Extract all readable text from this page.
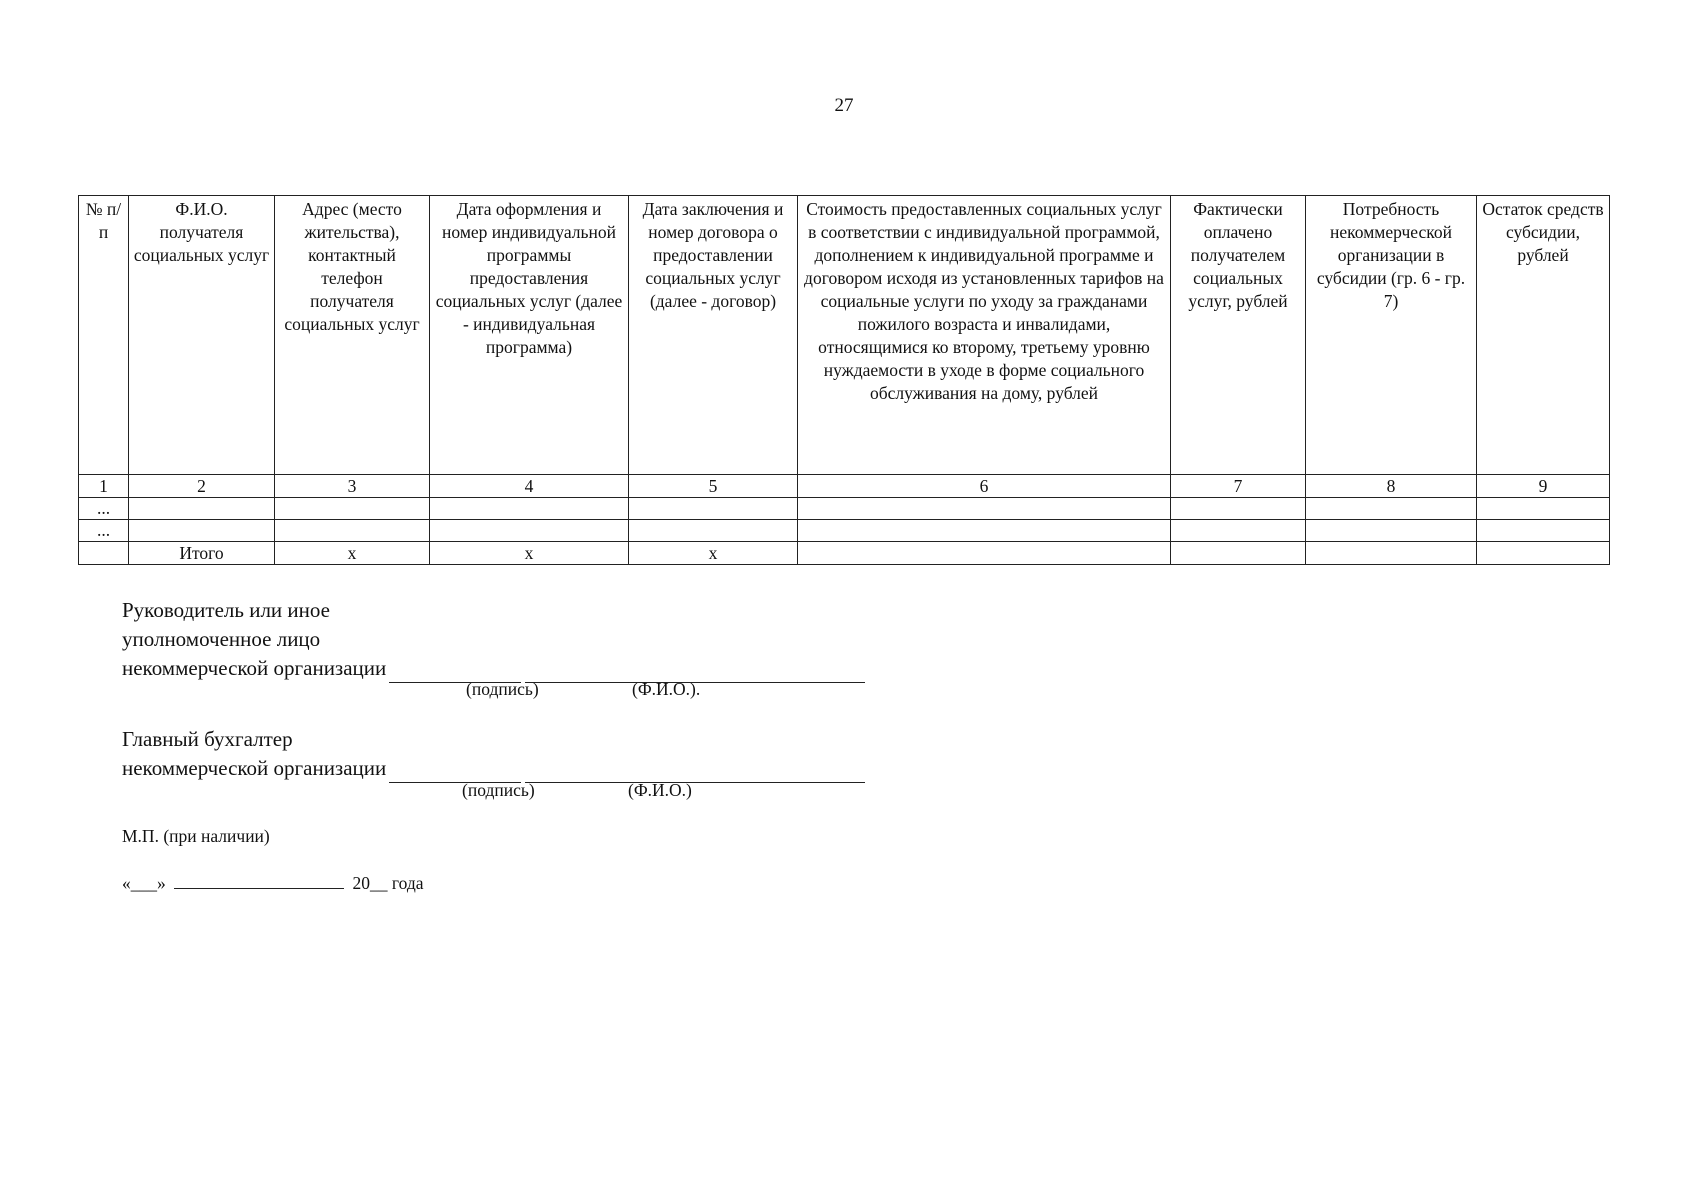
27
№ п/п	Ф.И.О. получателя социальных услуг	Адрес (место жительства), контактный телефон получателя социальных услуг	Дата оформления и номер индивидуальной программы предоставления социальных услуг (далее - индивидуальная программа)	Дата заключения и номер договора о предоставлении социальных услуг (далее - договор)	Стоимость предоставленных социальных услуг в соответствии с индивидуальной программой, дополнением к индивидуальной программе и договором исходя из установленных тарифов на социальные услуги по уходу за гражданами пожилого возраста и инвалидами, относящимися ко второму, третьему уровню нуждаемости в уходе в форме социального обслуживания на дому, рублей	Фактически оплачено получателем социальных услуг, рублей	Потребность некоммерческой организации в субсидии (гр. 6 - гр. 7)	Остаток средств субсидии, рублей
1	2	3	4	5	6	7	8	9
...								
...								
	Итого	x	x	x				
Руководитель или иное
уполномоченное лицо
некоммерческой организации
(подпись)	(Ф.И.О.).
Главный бухгалтер
некоммерческой организации
(подпись)	(Ф.И.О.)
М.П. (при наличии)
«___»	20__ года
